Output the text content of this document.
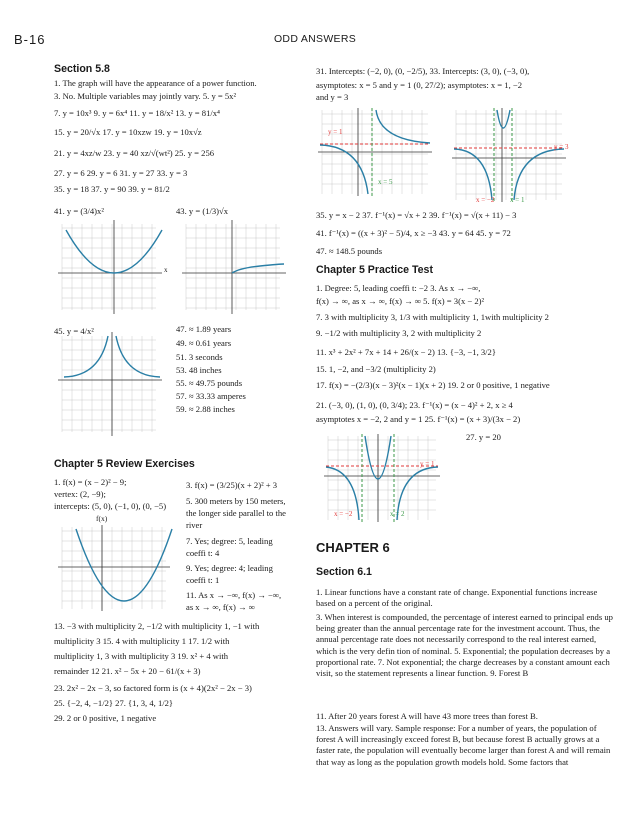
B-16	ODD ANSWERS
Section 5.8
1. The graph will have the appearance of a power function.
3. No. Multiple variables may jointly vary. 5. y = 5x²
7. y = 10x³ 9. y = 6x⁴ 11. y = 18/x² 13. y = 81/x⁴
15. y = 20/√x 17. y = 10xzw 19. y = 10x√z
21. y = 4xz/w 23. y = 40 xz/√(wt²) 25. y = 256
27. y = 6 29. y = 6 31. y = 27 33. y = 3
35. y = 18 37. y = 90 39. y = 81/2
41. y = (3/4)x²	43. y = (1/3)√x
x
45. y = 4/x²	47. ≈ 1.89 years
49. ≈ 0.61 years
51. 3 seconds
53. 48 inches
55. ≈ 49.75 pounds
57. ≈ 33.33 amperes
59. ≈ 2.88 inches
Chapter 5 Review Exercises
1. f(x) = (x − 2)² − 9;
vertex: (2, −9);
intercepts: (5, 0), (−1, 0), (0, −5)
f(x)
3. f(x) = (3/25)(x + 2)² + 3
5. 300 meters by 150 meters,
the longer side parallel to the
river
7. Yes; degree: 5, leading
coeffi t: 4
9. Yes; degree: 4; leading
coeffi t: 1
11. As x → −∞, f(x) → −∞,
as x → ∞, f(x) → ∞
13. −3 with multiplicity 2, −1/2 with multiplicity 1, −1 with
multiplicity 3 15. 4 with multiplicity 1 17. 1/2 with
multiplicity 1, 3 with multiplicity 3 19. x² + 4 with
remainder 12 21. x² − 5x + 20 − 61/(x + 3)
23. 2x² − 2x − 3, so factored form is (x + 4)(2x² − 2x − 3)
25. {−2, 4, −1/2} 27. {1, 3, 4, 1/2}
29. 2 or 0 positive, 1 negative
31. Intercepts: (−2, 0), (0, −2/5), 33. Intercepts: (3, 0), (−3, 0),
asymptotes: x = 5 and y = 1 (0, 27/2); asymptotes: x = 1, −2
and y = 3
y = 1
x = 5
y = 3
x = −2 x = 1
35. y = x − 2 37. f⁻¹(x) = √x + 2 39. f⁻¹(x) = √(x + 11) − 3
41. f⁻¹(x) = ((x + 3)² − 5)/4, x ≥ −3 43. y = 64 45. y = 72
47. ≈ 148.5 pounds
Chapter 5 Practice Test
1. Degree: 5, leading coeffi t: −2 3. As x → −∞,
f(x) → ∞, as x → ∞, f(x) → ∞ 5. f(x) = 3(x − 2)²
7. 3 with multiplicity 3, 1/3 with multiplicity 1, 1with multiplicity 2
9. −1/2 with multiplicity 3, 2 with multiplicity 2
11. x³ + 2x² + 7x + 14 + 26/(x − 2) 13. {−3, −1, 3/2}
15. 1, −2, and −3/2 (multiplicity 2)
17. f(x) = −(2/3)(x − 3)²(x − 1)(x + 2) 19. 2 or 0 positive, 1 negative
21. (−3, 0), (1, 0), (0, 3/4); 23. f⁻¹(x) = (x − 4)² + 2, x ≥ 4
asymptotes x = −2, 2 and y = 1 25. f⁻¹(x) = (x + 3)/(3x − 2)
27. y = 20
y = 1
x = −2	x = 2
CHAPTER 6
Section 6.1
1. Linear functions have a constant rate of change. Exponential functions increase based on a percent of the original.
3. When interest is compounded, the percentage of interest earned to principal ends up being greater than the annual percentage rate for the investment account. Thus, the annual percentage rate does not necessarily correspond to the real interest earned, which is the very defin tion of nominal. 5. Exponential; the population decreases by a proportional rate. 7. Not exponential; the charge decreases by a constant amount each visit, so the statement represents a linear function. 9. Forest B
11. After 20 years forest A will have 43 more trees than forest B.
13. Answers will vary. Sample response: For a number of years, the population of forest A will increasingly exceed forest B, but because forest B actually grows at a faster rate, the population will eventually become larger than forest A and will remain that way as long as the population growth models hold. Some factors that
